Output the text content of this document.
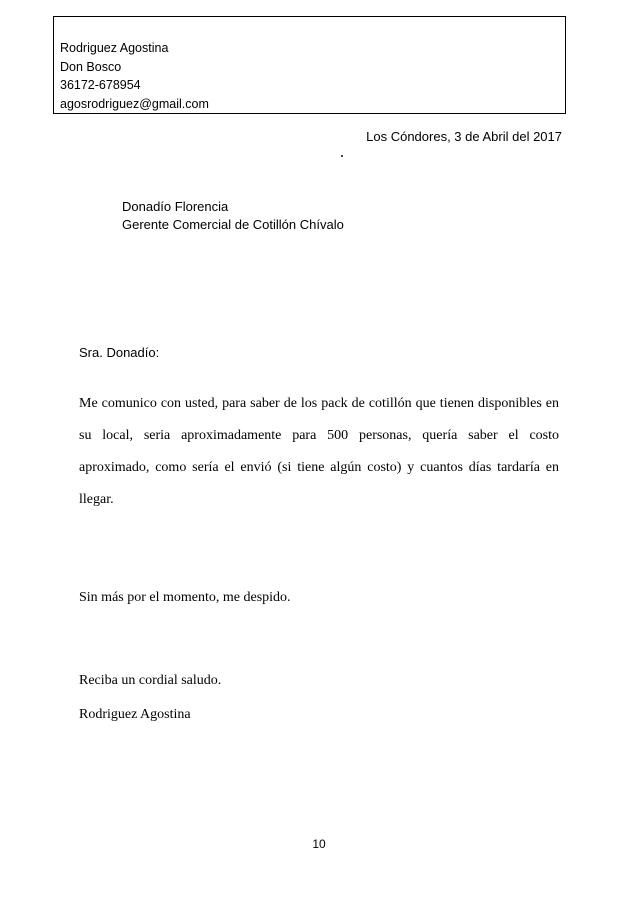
Rodriguez Agostina
Don Bosco
36172-678954
agosrodriguez@gmail.com
Los Cóndores, 3 de Abril del 2017
Donadío Florencia
Gerente Comercial de Cotillón Chívalo
Sra. Donadío:
Me comunico con usted, para saber de los pack de cotillón que tienen disponibles en su local, seria aproximadamente para 500 personas, quería saber el costo aproximado, como sería el envió (si tiene algún costo) y cuantos días tardaría en llegar.
Sin más por el momento, me despido.
Reciba un cordial saludo.
Rodriguez Agostina
10
